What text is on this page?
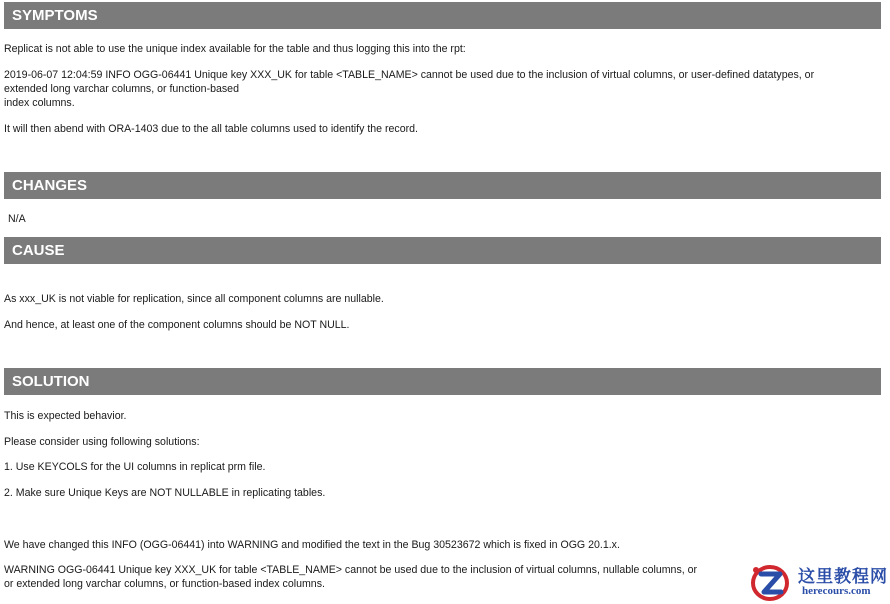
SYMPTOMS
Replicat is not able to use the unique index available for the table and thus logging this into the rpt:
2019-06-07 12:04:59 INFO OGG-06441 Unique key XXX_UK for table <TABLE_NAME> cannot be used due to the inclusion of virtual columns, or user-defined datatypes, or
extended long varchar columns, or function-based
index columns.
It will then abend with ORA-1403 due to the all table columns used to identify the record.
CHANGES
N/A
CAUSE
As xxx_UK is not viable for replication, since all component columns are nullable.
And hence, at least one of the component columns should be NOT NULL.
SOLUTION
This is expected behavior.
Please consider using following solutions:
1. Use KEYCOLS for the UI columns in replicat prm file.
2. Make sure Unique Keys are NOT NULLABLE in replicating tables.
We have changed this INFO (OGG-06441) into WARNING and modified the text in the Bug 30523672 which is fixed in OGG 20.1.x.
WARNING OGG-06441 Unique key XXX_UK for table <TABLE_NAME> cannot be used due to the inclusion of virtual columns, nullable columns, or
or extended long varchar columns, or function-based index columns.	这里教程网
herecours.com
